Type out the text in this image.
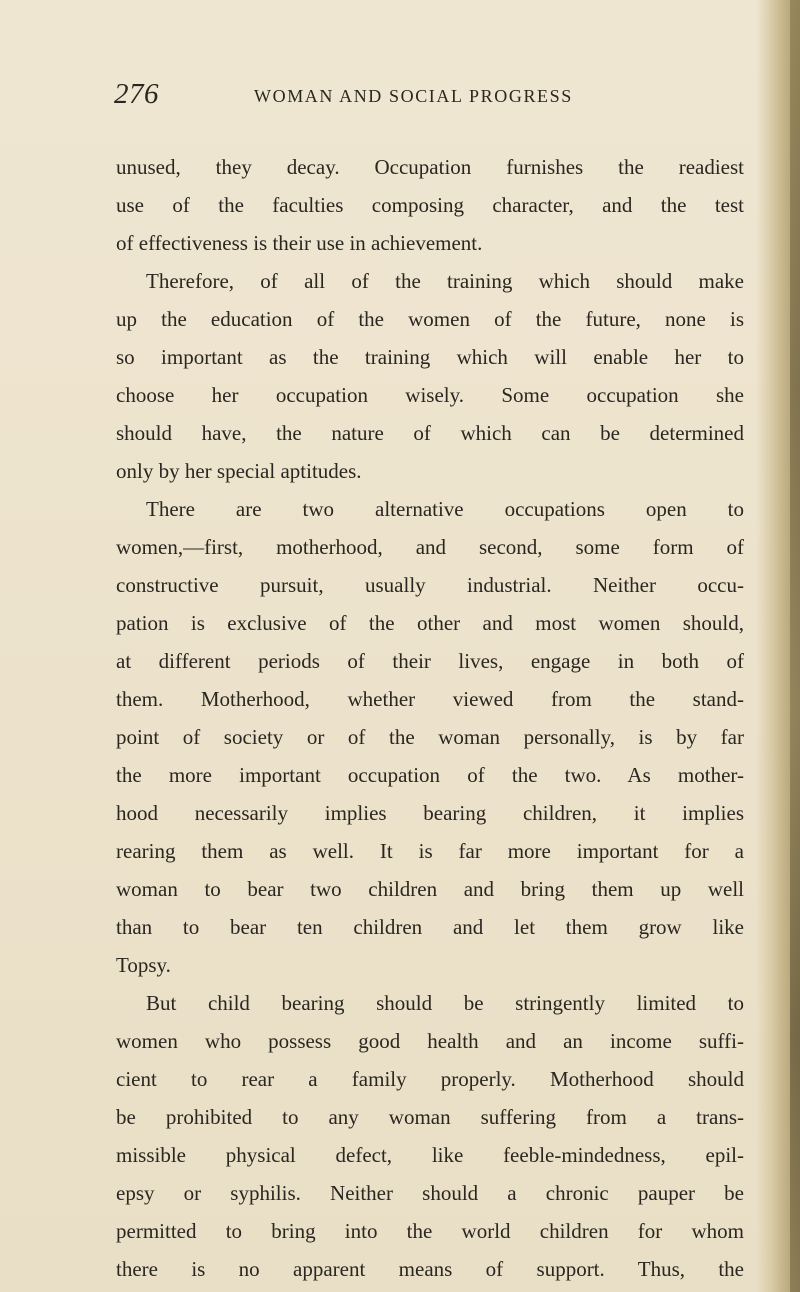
276	WOMAN AND SOCIAL PROGRESS
unused, they decay. Occupation furnishes the readiest
use of the faculties composing character, and the test
of effectiveness is their use in achievement.
Therefore, of all of the training which should make
up the education of the women of the future, none is
so important as the training which will enable her to
choose her occupation wisely. Some occupation she
should have, the nature of which can be determined
only by her special aptitudes.
There are two alternative occupations open to
women,—first, motherhood, and second, some form of
constructive pursuit, usually industrial. Neither occu-
pation is exclusive of the other and most women should,
at different periods of their lives, engage in both of
them. Motherhood, whether viewed from the stand-
point of society or of the woman personally, is by far
the more important occupation of the two. As mother-
hood necessarily implies bearing children, it implies
rearing them as well. It is far more important for a
woman to bear two children and bring them up well
than to bear ten children and let them grow like
Topsy.
But child bearing should be stringently limited to
women who possess good health and an income suffi-
cient to rear a family properly. Motherhood should
be prohibited to any woman suffering from a trans-
missible physical defect, like feeble-mindedness, epil-
epsy or syphilis. Neither should a chronic pauper be
permitted to bring into the world children for whom
there is no apparent means of support. Thus, the
